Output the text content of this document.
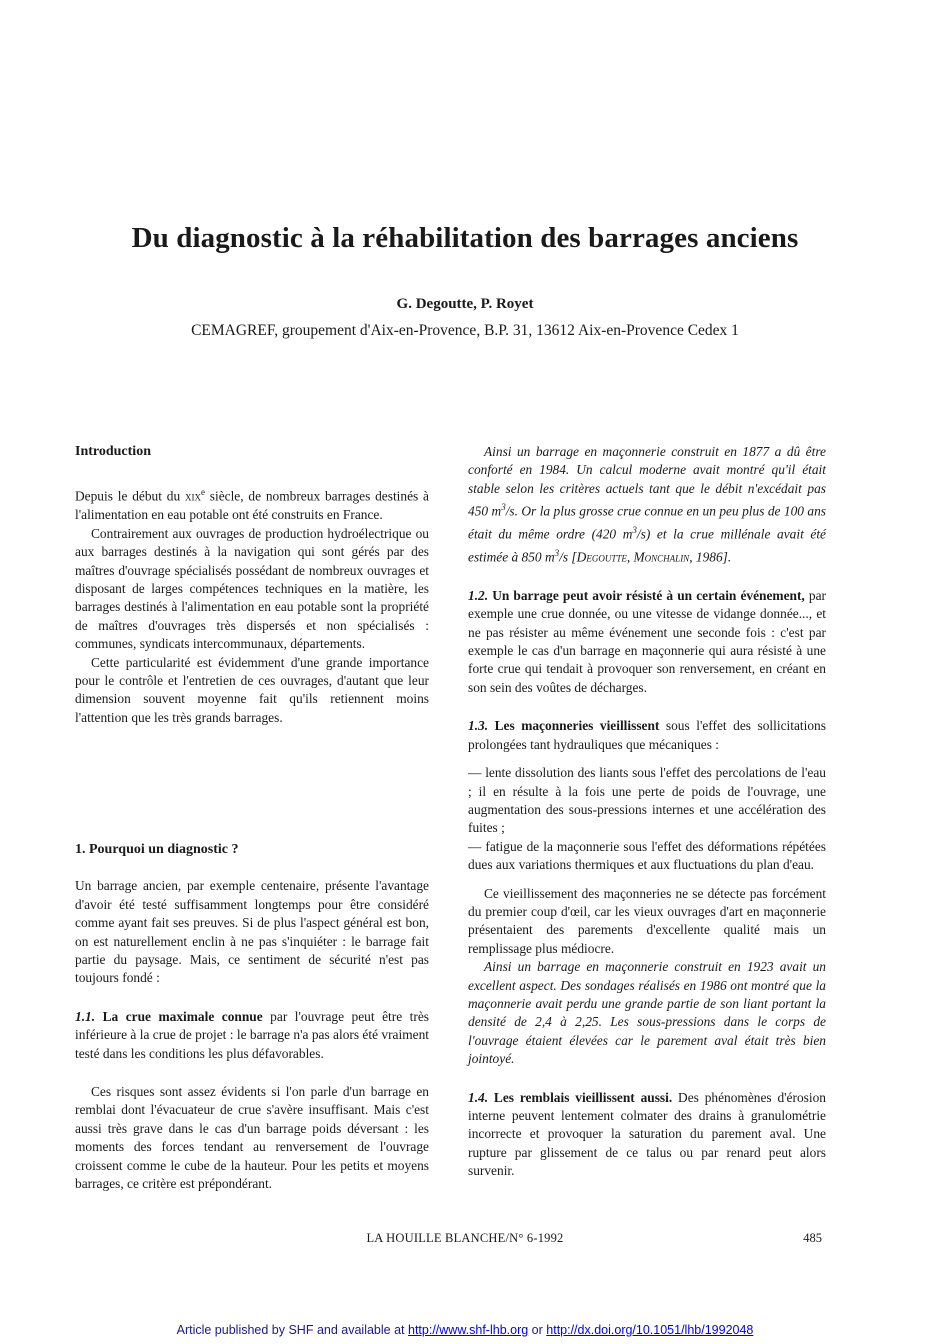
Du diagnostic à la réhabilitation des barrages anciens
G. Degoutte, P. Royet
CEMAGREF, groupement d'Aix-en-Provence, B.P. 31, 13612 Aix-en-Provence Cedex 1

Introduction

Depuis le début du xix$^e$ siècle, de nombreux barrages destinés à l'alimentation en eau potable ont été construits en France.

Contrairement aux ouvrages de production hydroélectrique ou aux barrages destinés à la navigation qui sont gérés par des maîtres d'ouvrage spécialisés possédant de nombreux ouvrages et disposant de larges compétences techniques en la matière, les barrages destinés à l'alimentation en eau potable sont la propriété de maîtres d'ouvrages très dispersés et non spécialisés : communes, syndicats intercommunaux, départements.

Cette particularité est évidemment d'une grande importance pour le contrôle et l'entretien de ces ouvrages, d'autant que leur dimension souvent moyenne fait qu'ils retiennent moins l'attention que les très grands barrages.

1. Pourquoi un diagnostic ?

Un barrage ancien, par exemple centenaire, présente l'avantage d'avoir été testé suffisamment longtemps pour être considéré comme ayant fait ses preuves. Si de plus l'aspect général est bon, on est naturellement enclin à ne pas s'inquiéter : le barrage fait partie du paysage. Mais, ce sentiment de sécurité n'est pas toujours fondé :

1.1. La crue maximale connue par l'ouvrage peut être très inférieure à la crue de projet : le barrage n'a pas alors été vraiment testé dans les conditions les plus défavorables.

Ces risques sont assez évidents si l'on parle d'un barrage en remblai dont l'évacuateur de crue s'avère insuffisant. Mais c'est aussi très grave dans le cas d'un barrage poids déversant : les moments des forces tendant au renversement de l'ouvrage croissent comme le cube de la hauteur. Pour les petits et moyens barrages, ce critère est prépondérant.

Ainsi un barrage en maçonnerie construit en 1877 a dû être conforté en 1984. Un calcul moderne avait montré qu'il était stable selon les critères actuels tant que le débit n'excédait pas 450 $m^3/s$. Or la plus grosse crue connue en un peu plus de 100 ans était du même ordre (420 $m^3/s$) et la crue millénale avait été estimée à 850 $m^3/s$ [Degoutte, Monchalin, 1986].

1.2. Un barrage peut avoir résisté à un certain événement, par exemple une crue donnée, ou une vitesse de vidange donnée..., et ne pas résister au même événement une seconde fois : c'est par exemple le cas d'un barrage en maçonnerie qui aura résisté à une forte crue qui tendait à provoquer son renversement, en créant en son sein des voûtes de décharges.

1.3. Les maçonneries vieillissent sous l'effet des sollicitations prolongées tant hydrauliques que mécaniques :

— lente dissolution des liants sous l'effet des percolations de l'eau ; il en résulte à la fois une perte de poids de l'ouvrage, une augmentation des sous-pressions internes et une accélération des fuites ;

— fatigue de la maçonnerie sous l'effet des déformations répétées dues aux variations thermiques et aux fluctuations du plan d'eau.

Ce vieillissement des maçonneries ne se détecte pas forcément du premier coup d'œil, car les vieux ouvrages d'art en maçonnerie présentaient des parements d'excellente qualité mais un remplissage plus médiocre.

Ainsi un barrage en maçonnerie construit en 1923 avait un excellent aspect. Des sondages réalisés en 1986 ont montré que la maçonnerie avait perdu une grande partie de son liant portant la densité de 2,4 à 2,25. Les sous-pressions dans le corps de l'ouvrage étaient élevées car le parement aval était très bien jointoyé.

1.4. Les remblais vieillissent aussi. Des phénomènes d'érosion interne peuvent lentement colmater des drains à granulométrie incorrecte et provoquer la saturation du parement aval. Une rupture par glissement de ce talus ou par renard peut alors survenir.

LA HOUILLE BLANCHE/N° 6-1992	485
Article published by SHF and available at http://www.shf-lhb.org or http://dx.doi.org/10.1051/lhb/1992048
